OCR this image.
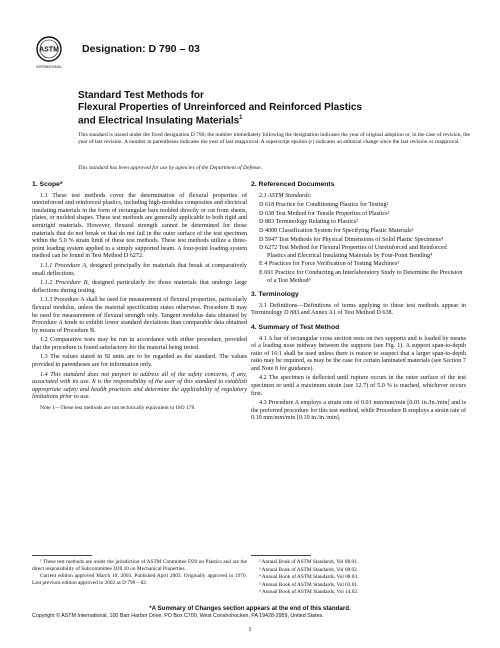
ASTM
INTERNATIONAL
Designation: D 790 – 03
Standard Test Methods for
Flexural Properties of Unreinforced and Reinforced Plastics
and Electrical Insulating Materials$^1$
This standard is issued under the fixed designation D 790; the number immediately following the designation indicates the year of original adoption or, in the case of revision, the year of last revision. A number in parentheses indicates the year of last reapproval. A superscript epsilon (ε) indicates an editorial change since the last revision or reapproval.
This standard has been approved for use by agencies of the Department of Defense.
1. Scope*

1.1 These test methods cover the determination of flexural properties of unreinforced and reinforced plastics, including high-modulus composites and electrical insulating materials in the form of rectangular bars molded directly or cut from sheets, plates, or molded shapes. These test methods are generally applicable to both rigid and semirigid materials. However, flexural strength cannot be determined for those materials that do not break or that do not fail in the outer surface of the test specimen within the 5.0 % strain limit of these test methods. These test methods utilize a three-point loading system applied to a simply supported beam. A four-point loading system method can be found in Test Method D 6272.

1.1.1 Procedure A, designed principally for materials that break at comparatively small deflections.

1.1.2 Procedure B, designed particularly for those materials that undergo large deflections during testing.

1.1.3 Procedure A shall be used for measurement of flexural properties, particularly flexural modulus, unless the material specification states otherwise. Procedure B may be used for measurement of flexural strength only. Tangent modulus data obtained by Procedure A tends to exhibit lower standard deviations than comparable data obtained by means of Procedure B.

1.2 Comparative tests may be run in accordance with either procedure, provided that the procedure is found satisfactory for the material being tested.

1.3 The values stated in SI units are to be regarded as the standard. The values provided in parentheses are for information only.

1.4 This standard does not purport to address all of the safety concerns, if any, associated with its use. It is the responsibility of the user of this standard to establish appropriate safety and health practices and determine the applicability of regulatory limitations prior to use.

Note 1—These test methods are not technically equivalent to ISO 178.

2. Referenced Documents

2.1 ASTM Standards:

D 618 Practice for Conditioning Plastics for Testing²
D 638 Test Method for Tensile Properties of Plastics²
D 883 Terminology Relating to Plastics²
D 4000 Classification System for Specifying Plastic Materials³
D 5947 Test Methods for Physical Dimensions of Solid Plastic Specimens⁴
D 6272 Test Method for Flexural Properties of Unreinforced and Reinforced Plastics and Electrical Insulating Materials by Four-Point Bending⁴
E 4 Practices for Force Verification of Testing Machines⁵
E 691 Practice for Conducting an Interlaboratory Study to Determine the Precision of a Test Method⁶
3. Terminology

3.1 Definitions—Definitions of terms applying to these test methods appear in Terminology D 883 and Annex A1 of Test Method D 638.

4. Summary of Test Method

4.1 A bar of rectangular cross section rests on two supports and is loaded by means of a loading nose midway between the supports (see Fig. 1). A support span-to-depth ratio of 16:1 shall be used unless there is reason to suspect that a larger span-to-depth ratio may be required, as may be the case for certain laminated materials (see Section 7 and Note 8 for guidance).

4.2 The specimen is deflected until rupture occurs in the outer surface of the test specimen or until a maximum strain (see 12.7) of 5.0 % is reached, whichever occurs first.

4.3 Procedure A employs a strain rate of 0.01 mm/mm/min [0.01 in./in./min] and is the preferred procedure for this test method, while Procedure B employs a strain rate of 0.10 mm/mm/min [0.10 in./in./min].

¹ These test methods are under the jurisdiction of ASTM Committee D20 on Plastics and are the direct responsibility of Subcommittee D20.10 on Mechanical Properties.

Current edition approved March 10, 2003. Published April 2003. Originally approved in 1970. Last previous edition approved in 2002 as D 790 – 02.

² Annual Book of ASTM Standards, Vol 08.01.

³ Annual Book of ASTM Standards, Vol 08.02.

⁴ Annual Book of ASTM Standards, Vol 08.03.

⁵ Annual Book of ASTM Standards, Vol 03.01.

⁶ Annual Book of ASTM Standards, Vol 14.02.

*A Summary of Changes section appears at the end of this standard.
Copyright © ASTM International, 100 Barr Harbor Drive, PO Box C700, West Conshohocken, PA 19428-2959, United States.
1
